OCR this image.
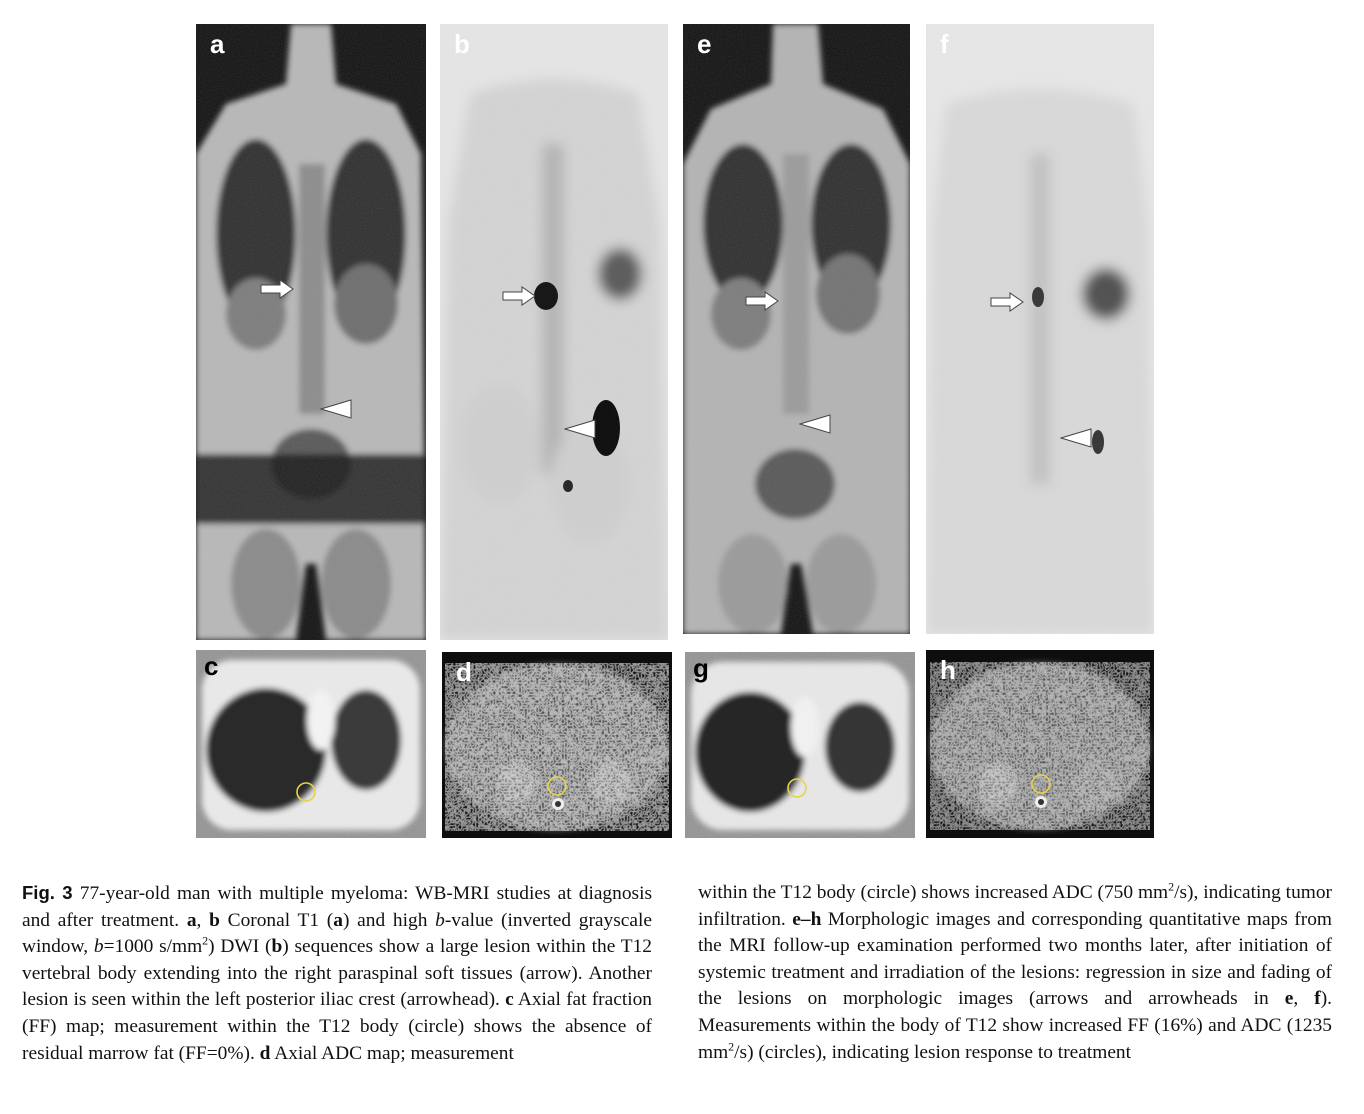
a	b	e	f
c	d	g	h
Fig. 3 77-year-old man with multiple myeloma: WB-MRI studies at diagnosis and after treatment. a, b Coronal T1 (a) and high b-value (inverted grayscale window, b=1000 $s/mm^2$) DWI (b) sequences show a large lesion within the T12 vertebral body extending into the right paraspinal soft tissues (arrow). Another lesion is seen within the left posterior iliac crest (arrowhead). c Axial fat fraction (FF) map; measurement within the T12 body (circle) shows the absence of residual marrow fat (FF=0%). d Axial ADC map; measurement
within the T12 body (circle) shows increased ADC (750 $mm^2/s$), indicating tumor infiltration. e–h Morphologic images and corresponding quantitative maps from the MRI follow-up examination performed two months later, after initiation of systemic treatment and irradiation of the lesions: regression in size and fading of the lesions on morphologic images (arrows and arrowheads in e, f). Measurements within the body of T12 show increased FF (16%) and ADC (1235 $mm^2/s$) (circles), indicating lesion response to treatment
